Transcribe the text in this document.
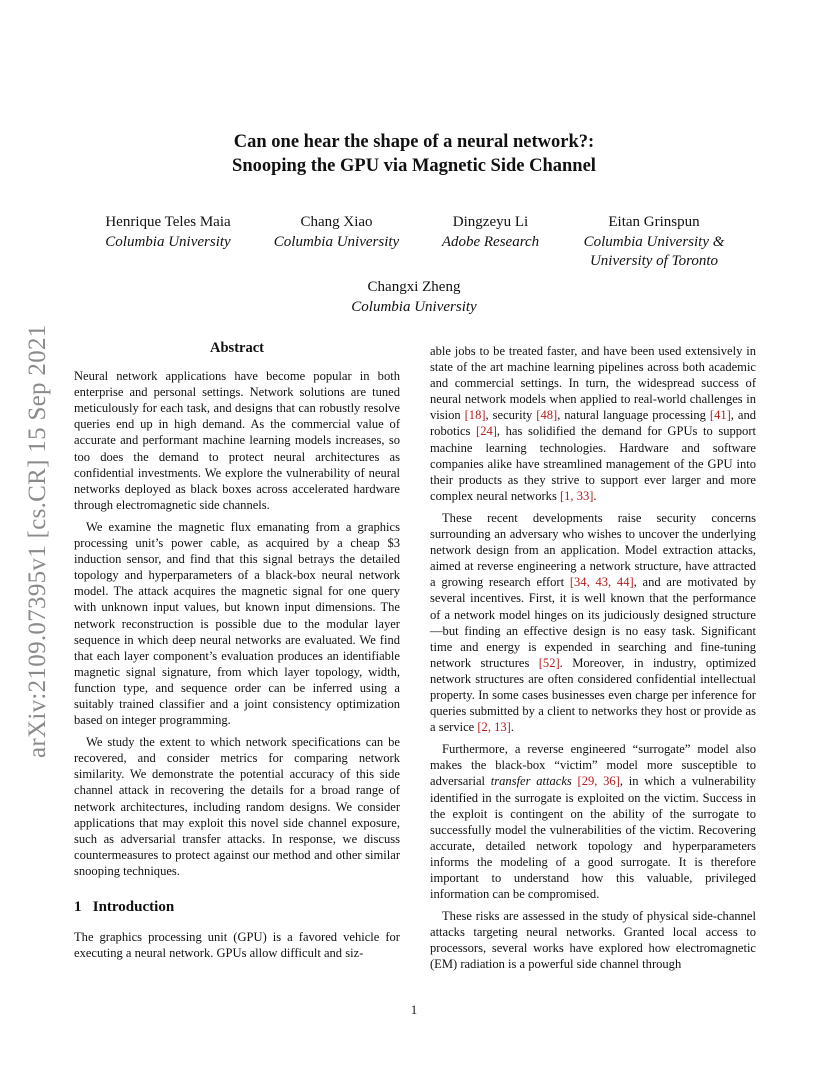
arXiv:2109.07395v1 [cs.CR] 15 Sep 2021
Can one hear the shape of a neural network?:
Snooping the GPU via Magnetic Side Channel
Henrique Teles Maia
Columbia University
Chang Xiao
Columbia University
Dingzeyu Li
Adobe Research
Eitan Grinspun
Columbia University &
University of Toronto
Changxi Zheng
Columbia University
Abstract

Neural network applications have become popular in both enterprise and personal settings. Network solutions are tuned meticulously for each task, and designs that can robustly resolve queries end up in high demand. As the commercial value of accurate and performant machine learning models increases, so too does the demand to protect neural architectures as confidential investments. We explore the vulnerability of neural networks deployed as black boxes across accelerated hardware through electromagnetic side channels.

We examine the magnetic flux emanating from a graphics processing unit’s power cable, as acquired by a cheap $3 induction sensor, and find that this signal betrays the detailed topology and hyperparameters of a black-box neural network model. The attack acquires the magnetic signal for one query with unknown input values, but known input dimensions. The network reconstruction is possible due to the modular layer sequence in which deep neural networks are evaluated. We find that each layer component’s evaluation produces an identifiable magnetic signal signature, from which layer topology, width, function type, and sequence order can be inferred using a suitably trained classifier and a joint consistency optimization based on integer programming.

We study the extent to which network specifications can be recovered, and consider metrics for comparing network similarity. We demonstrate the potential accuracy of this side channel attack in recovering the details for a broad range of network architectures, including random designs. We consider applications that may exploit this novel side channel exposure, such as adversarial transfer attacks. In response, we discuss countermeasures to protect against our method and other similar snooping techniques.

1 Introduction

The graphics processing unit (GPU) is a favored vehicle for executing a neural network. GPUs allow difficult and siz-

able jobs to be treated faster, and have been used extensively in state of the art machine learning pipelines across both academic and commercial settings. In turn, the widespread success of neural network models when applied to real-world challenges in vision [18], security [48], natural language processing [41], and robotics [24], has solidified the demand for GPUs to support machine learning technologies. Hardware and software companies alike have streamlined management of the GPU into their products as they strive to support ever larger and more complex neural networks [1, 33].

These recent developments raise security concerns surrounding an adversary who wishes to uncover the underlying network design from an application. Model extraction attacks, aimed at reverse engineering a network structure, have attracted a growing research effort [34, 43, 44], and are motivated by several incentives. First, it is well known that the performance of a network model hinges on its judiciously designed structure—but finding an effective design is no easy task. Significant time and energy is expended in searching and fine-tuning network structures [52]. Moreover, in industry, optimized network structures are often considered confidential intellectual property. In some cases businesses even charge per inference for queries submitted by a client to networks they host or provide as a service [2, 13].

Furthermore, a reverse engineered “surrogate” model also makes the black-box “victim” model more susceptible to adversarial transfer attacks [29, 36], in which a vulnerability identified in the surrogate is exploited on the victim. Success in the exploit is contingent on the ability of the surrogate to successfully model the vulnerabilities of the victim. Recovering accurate, detailed network topology and hyperparameters informs the modeling of a good surrogate. It is therefore important to understand how this valuable, privileged information can be compromised.

These risks are assessed in the study of physical side-channel attacks targeting neural networks. Granted local access to processors, several works have explored how electromagnetic (EM) radiation is a powerful side channel through

1
